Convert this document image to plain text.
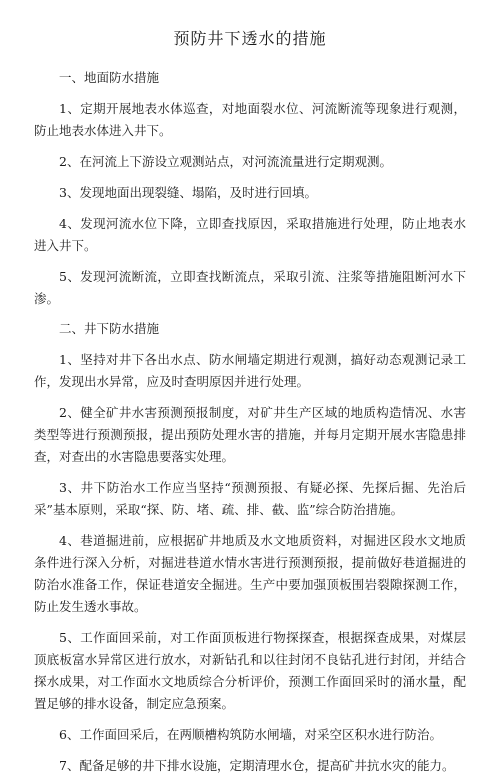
预防井下透水的措施
一、地面防水措施

1、定期开展地表水体巡查，对地面裂水位、河流断流等现象进行观测，防止地表水体进入井下。

2、在河流上下游设立观测站点，对河流流量进行定期观测。

3、发现地面出现裂缝、塌陷，及时进行回填。

4、发现河流水位下降，立即查找原因，采取措施进行处理，防止地表水进入井下。

5、发现河流断流，立即查找断流点，采取引流、注浆等措施阻断河水下渗。

二、井下防水措施

1、坚持对井下各出水点、防水闸墙定期进行观测，搞好动态观测记录工作，发现出水异常，应及时查明原因并进行处理。

2、健全矿井水害预测预报制度，对矿井生产区域的地质构造情况、水害类型等进行预测预报，提出预防处理水害的措施，并每月定期开展水害隐患排查，对查出的水害隐患要落实处理。

3、井下防治水工作应当坚持“预测预报、有疑必探、先探后掘、先治后采”基本原则，采取“探、防、堵、疏、排、截、监”综合防治措施。

4、巷道掘进前，应根据矿井地质及水文地质资料，对掘进区段水文地质条件进行深入分析，对掘进巷道水情水害进行预测预报，提前做好巷道掘进的防治水准备工作，保证巷道安全掘进。生产中要加强顶板围岩裂隙探测工作，防止发生透水事故。

5、工作面回采前，对工作面顶板进行物探探查，根据探查成果，对煤层顶底板富水异常区进行放水，对新钻孔和以往封闭不良钻孔进行封闭，并结合探水成果，对工作面水文地质综合分析评价，预测工作面回采时的涌水量，配置足够的排水设备，制定应急预案。

6、工作面回采后，在两顺槽构筑防水闸墙，对采空区积水进行防治。

7、配备足够的井下排水设施，定期清理水仓，提高矿井抗水灾的能力。
